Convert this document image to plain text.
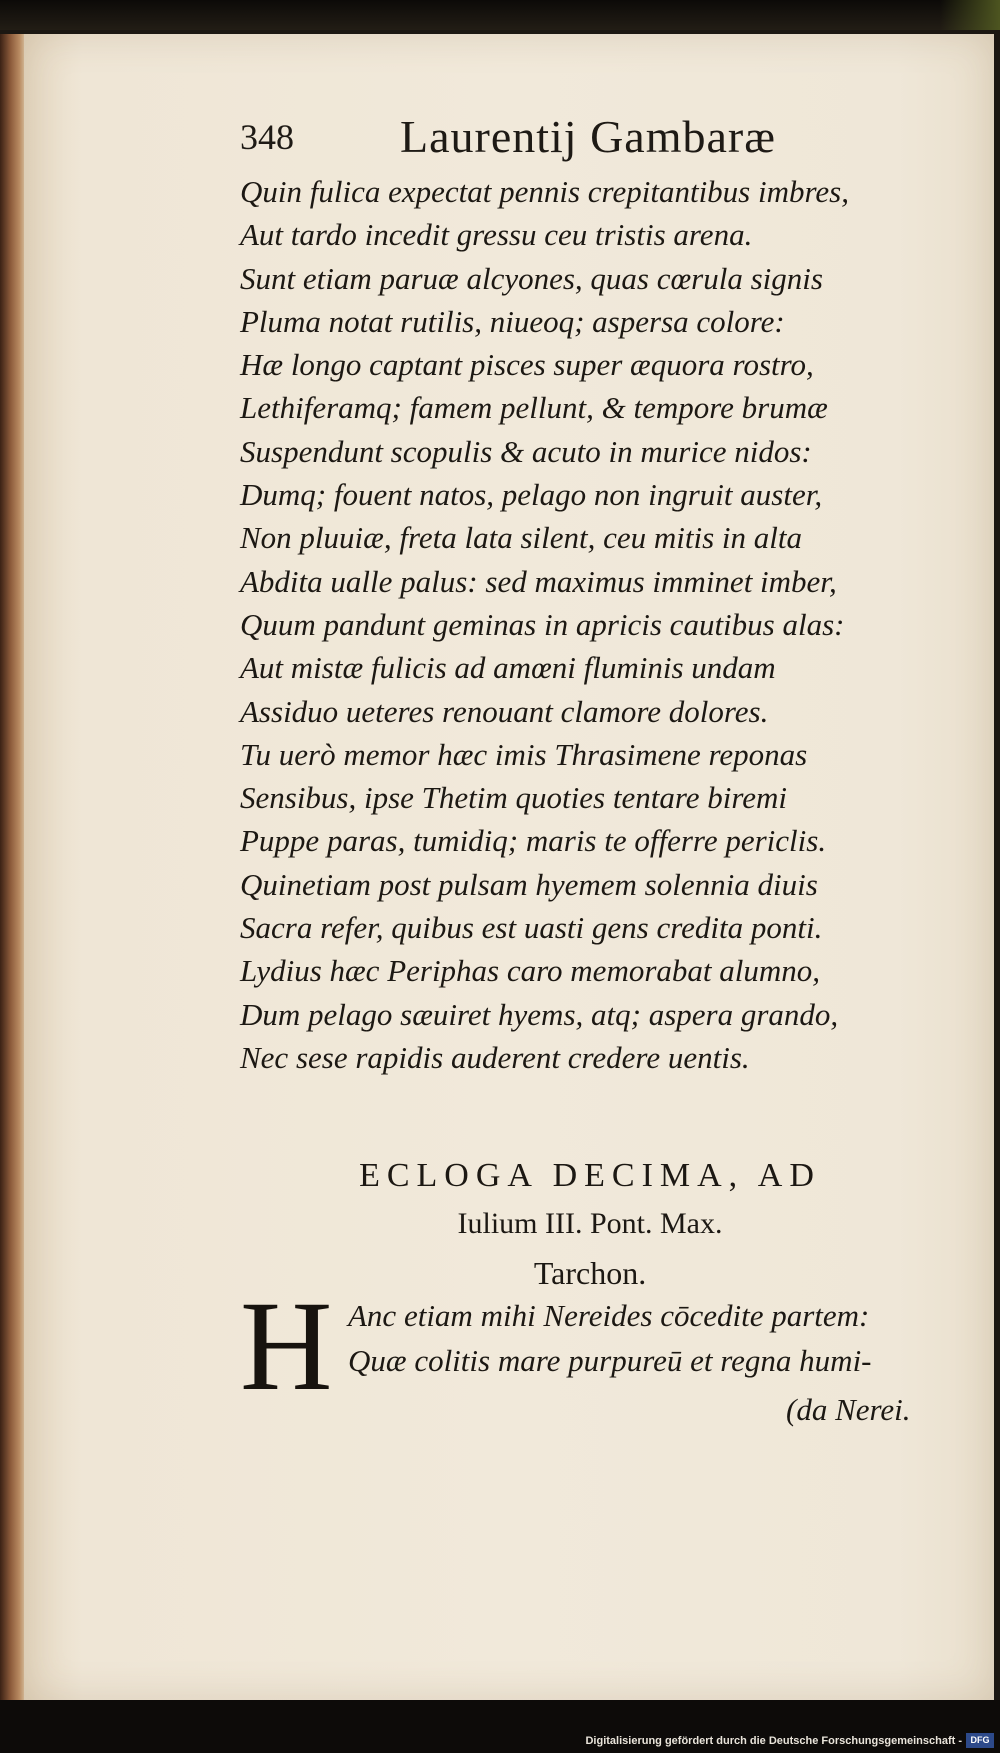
348 Laurentij Gambaræ
Quin fulica expectat pennis crepitantibus imbres,
Aut tardo incedit gressu ceu tristis arena.
Sunt etiam paruæ alcyones, quas cœrula signis
Pluma notat rutilis, niueoq; aspersa colore:
Hæ longo captant pisces super æquora rostro,
Lethiferamq; famem pellunt, & tempore brumæ
Suspendunt scopulis & acuto in murice nidos:
Dumq; fouent natos, pelago non ingruit auster,
Non pluuiæ, freta lata silent, ceu mitis in alta
Abdita ualle palus: sed maximus imminet imber,
Quum pandunt geminas in apricis cautibus alas:
Aut mistæ fulicis ad amœni fluminis undam
Assiduo ueteres renouant clamore dolores.
Tu uerò memor hæc imis Thrasimene reponas
Sensibus, ipse Thetim quoties tentare biremi
Puppe paras, tumidiq; maris te offerre periclis.
Quinetiam post pulsam hyemem solennia diuis
Sacra refer, quibus est uasti gens credita ponti.
Lydius hæc Periphas caro memorabat alumno,
Dum pelago sæuiret hyems, atq; aspera grando,
Nec sese rapidis auderent credere uentis.
ECLOGA DECIMA, AD
Iulium III. Pont. Max.
Tarchon.
H Anc etiam mihi Nereides cōcedite partem:
Quæ colitis mare purpureū et regna humi-
(da Nerei.
Digitalisierung gefördert durch die Deutsche Forschungsgemeinschaft - DFG
